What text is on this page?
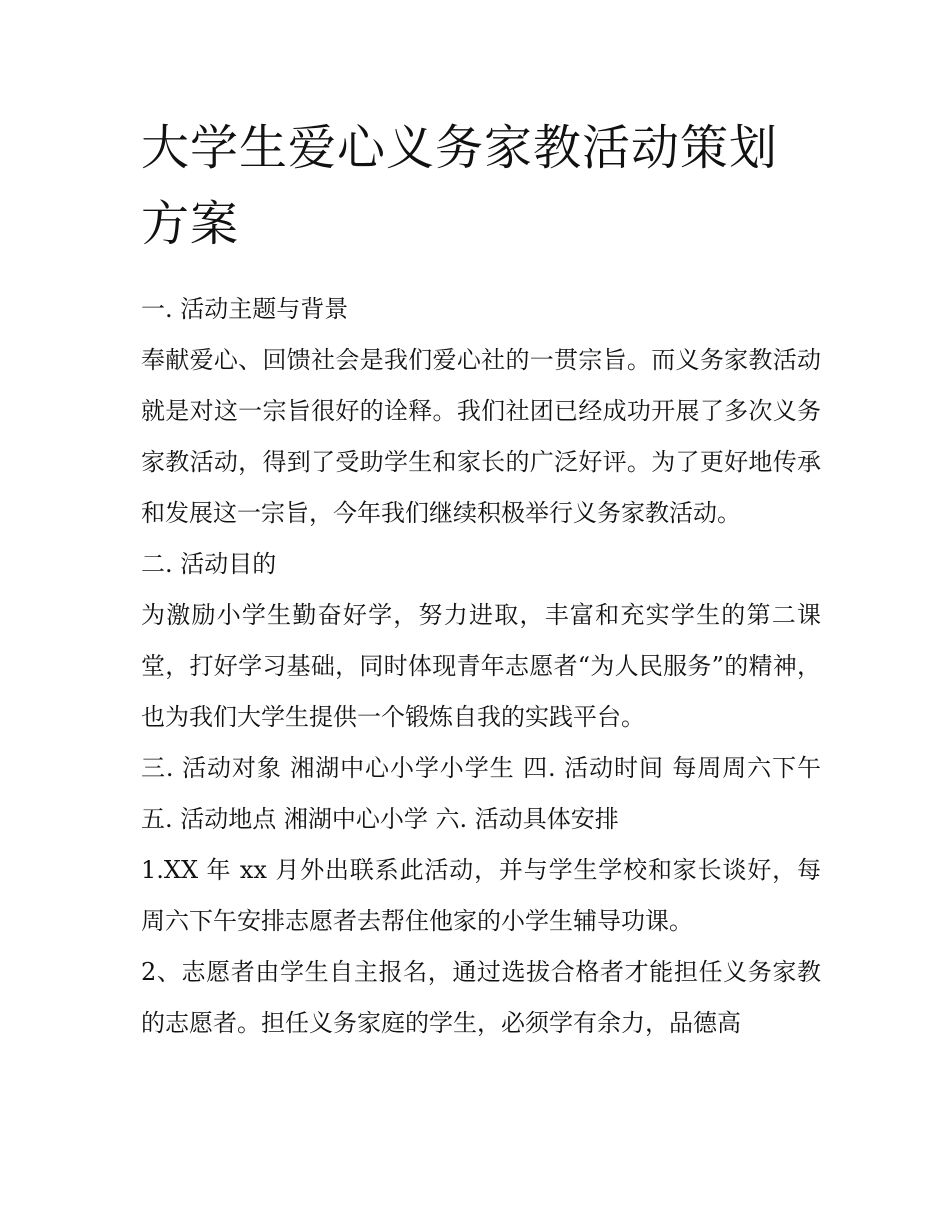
大学生爱心义务家教活动策划方案

一. 活动主题与背景

奉献爱心、回馈社会是我们爱心社的一贯宗旨。而义务家教活动就是对这一宗旨很好的诠释。我们社团已经成功开展了多次义务家教活动，得到了受助学生和家长的广泛好评。为了更好地传承和发展这一宗旨，今年我们继续积极举行义务家教活动。

二. 活动目的

为激励小学生勤奋好学，努力进取，丰富和充实学生的第二课堂，打好学习基础，同时体现青年志愿者“为人民服务”的精神，也为我们大学生提供一个锻炼自我的实践平台。

三. 活动对象 湘湖中心小学小学生 四. 活动时间 每周周六下午 五. 活动地点 湘湖中心小学 六. 活动具体安排

1.XX 年 xx 月外出联系此活动，并与学生学校和家长谈好，每周六下午安排志愿者去帮住他家的小学生辅导功课。

2、志愿者由学生自主报名，通过选拔合格者才能担任义务家教的志愿者。担任义务家庭的学生，必须学有余力，品德高
